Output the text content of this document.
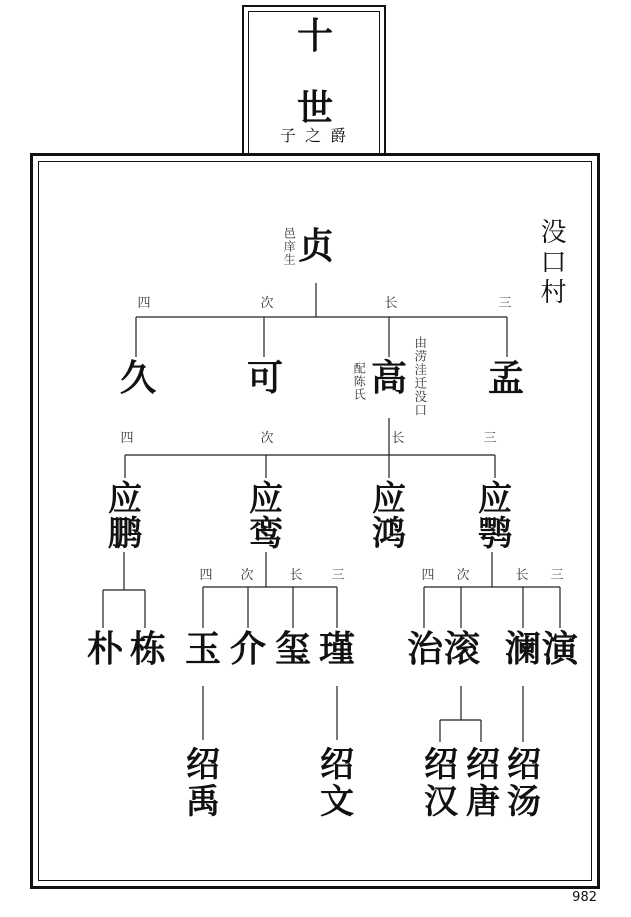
十
世
子 之 爵
没口村
贞
邑庠生
四	次	长	三
久	可 高 孟
配陈氏	由涝洼迁没口
四	次	长	三
应
鹏
应
鸾
应
鸿
应
鹗
四 次	长 三	四 次	长 三
朴 栋 玉 介 玺 瑾 治 滚 澜 演
绍
禹
绍
文
绍
汉
绍
唐
绍
汤
982
